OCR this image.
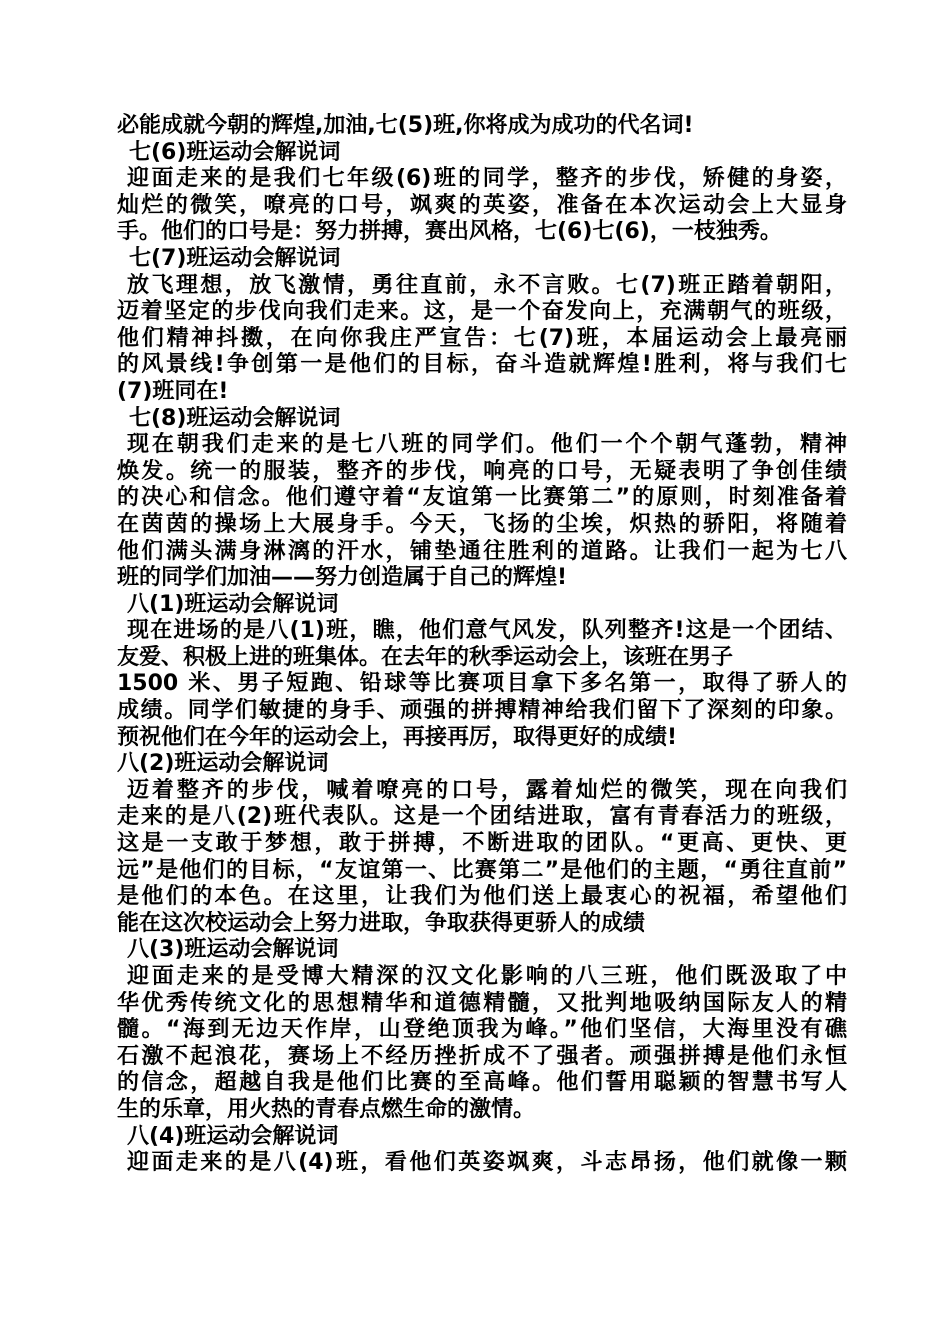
必能成就今朝的辉煌,加油,七(5)班,你将成为成功的代名词!
七(6)班运动会解说词
迎面走来的是我们七年级(6)班的同学，整齐的步伐，矫健的身姿，
灿烂的微笑，嘹亮的口号，飒爽的英姿，准备在本次运动会上大显身
手。他们的口号是：努力拼搏，赛出风格，七(6)七(6)，一枝独秀。
七(7)班运动会解说词
放飞理想，放飞激情，勇往直前，永不言败。七(7)班正踏着朝阳，
迈着坚定的步伐向我们走来。这，是一个奋发向上，充满朝气的班级，
他们精神抖擞，在向你我庄严宣告：七(7)班，本届运动会上最亮丽
的风景线!争创第一是他们的目标，奋斗造就辉煌!胜利，将与我们七
(7)班同在!
七(8)班运动会解说词
现在朝我们走来的是七八班的同学们。他们一个个朝气蓬勃，精神
焕发。统一的服装，整齐的步伐，响亮的口号，无疑表明了争创佳绩
的决心和信念。他们遵守着“友谊第一比赛第二”的原则，时刻准备着
在茵茵的操场上大展身手。今天，飞扬的尘埃，炽热的骄阳，将随着
他们满头满身淋漓的汗水，铺垫通往胜利的道路。让我们一起为七八
班的同学们加油——努力创造属于自己的辉煌!
八(1)班运动会解说词
现在进场的是八(1)班，瞧，他们意气风发，队列整齐!这是一个团结、
友爱、积极上进的班集体。在去年的秋季运动会上，该班在男子
1500 米、男子短跑、铅球等比赛项目拿下多名第一，取得了骄人的
成绩。同学们敏捷的身手、顽强的拼搏精神给我们留下了深刻的印象。
预祝他们在今年的运动会上，再接再厉，取得更好的成绩!
八(2)班运动会解说词
迈着整齐的步伐，喊着嘹亮的口号，露着灿烂的微笑，现在向我们
走来的是八(2)班代表队。这是一个团结进取，富有青春活力的班级，
这是一支敢于梦想，敢于拼搏，不断进取的团队。“更高、更快、更
远”是他们的目标，“友谊第一、比赛第二”是他们的主题，“勇往直前”
是他们的本色。在这里，让我们为他们送上最衷心的祝福，希望他们
能在这次校运动会上努力进取，争取获得更骄人的成绩
八(3)班运动会解说词
迎面走来的是受博大精深的汉文化影响的八三班，他们既汲取了中
华优秀传统文化的思想精华和道德精髓，又批判地吸纳国际友人的精
髓。“海到无边天作岸，山登绝顶我为峰。”他们坚信，大海里没有礁
石激不起浪花，赛场上不经历挫折成不了强者。顽强拼搏是他们永恒
的信念，超越自我是他们比赛的至高峰。他们誓用聪颖的智慧书写人
生的乐章，用火热的青春点燃生命的激情。
八(4)班运动会解说词
迎面走来的是八(4)班，看他们英姿飒爽，斗志昂扬，他们就像一颗
